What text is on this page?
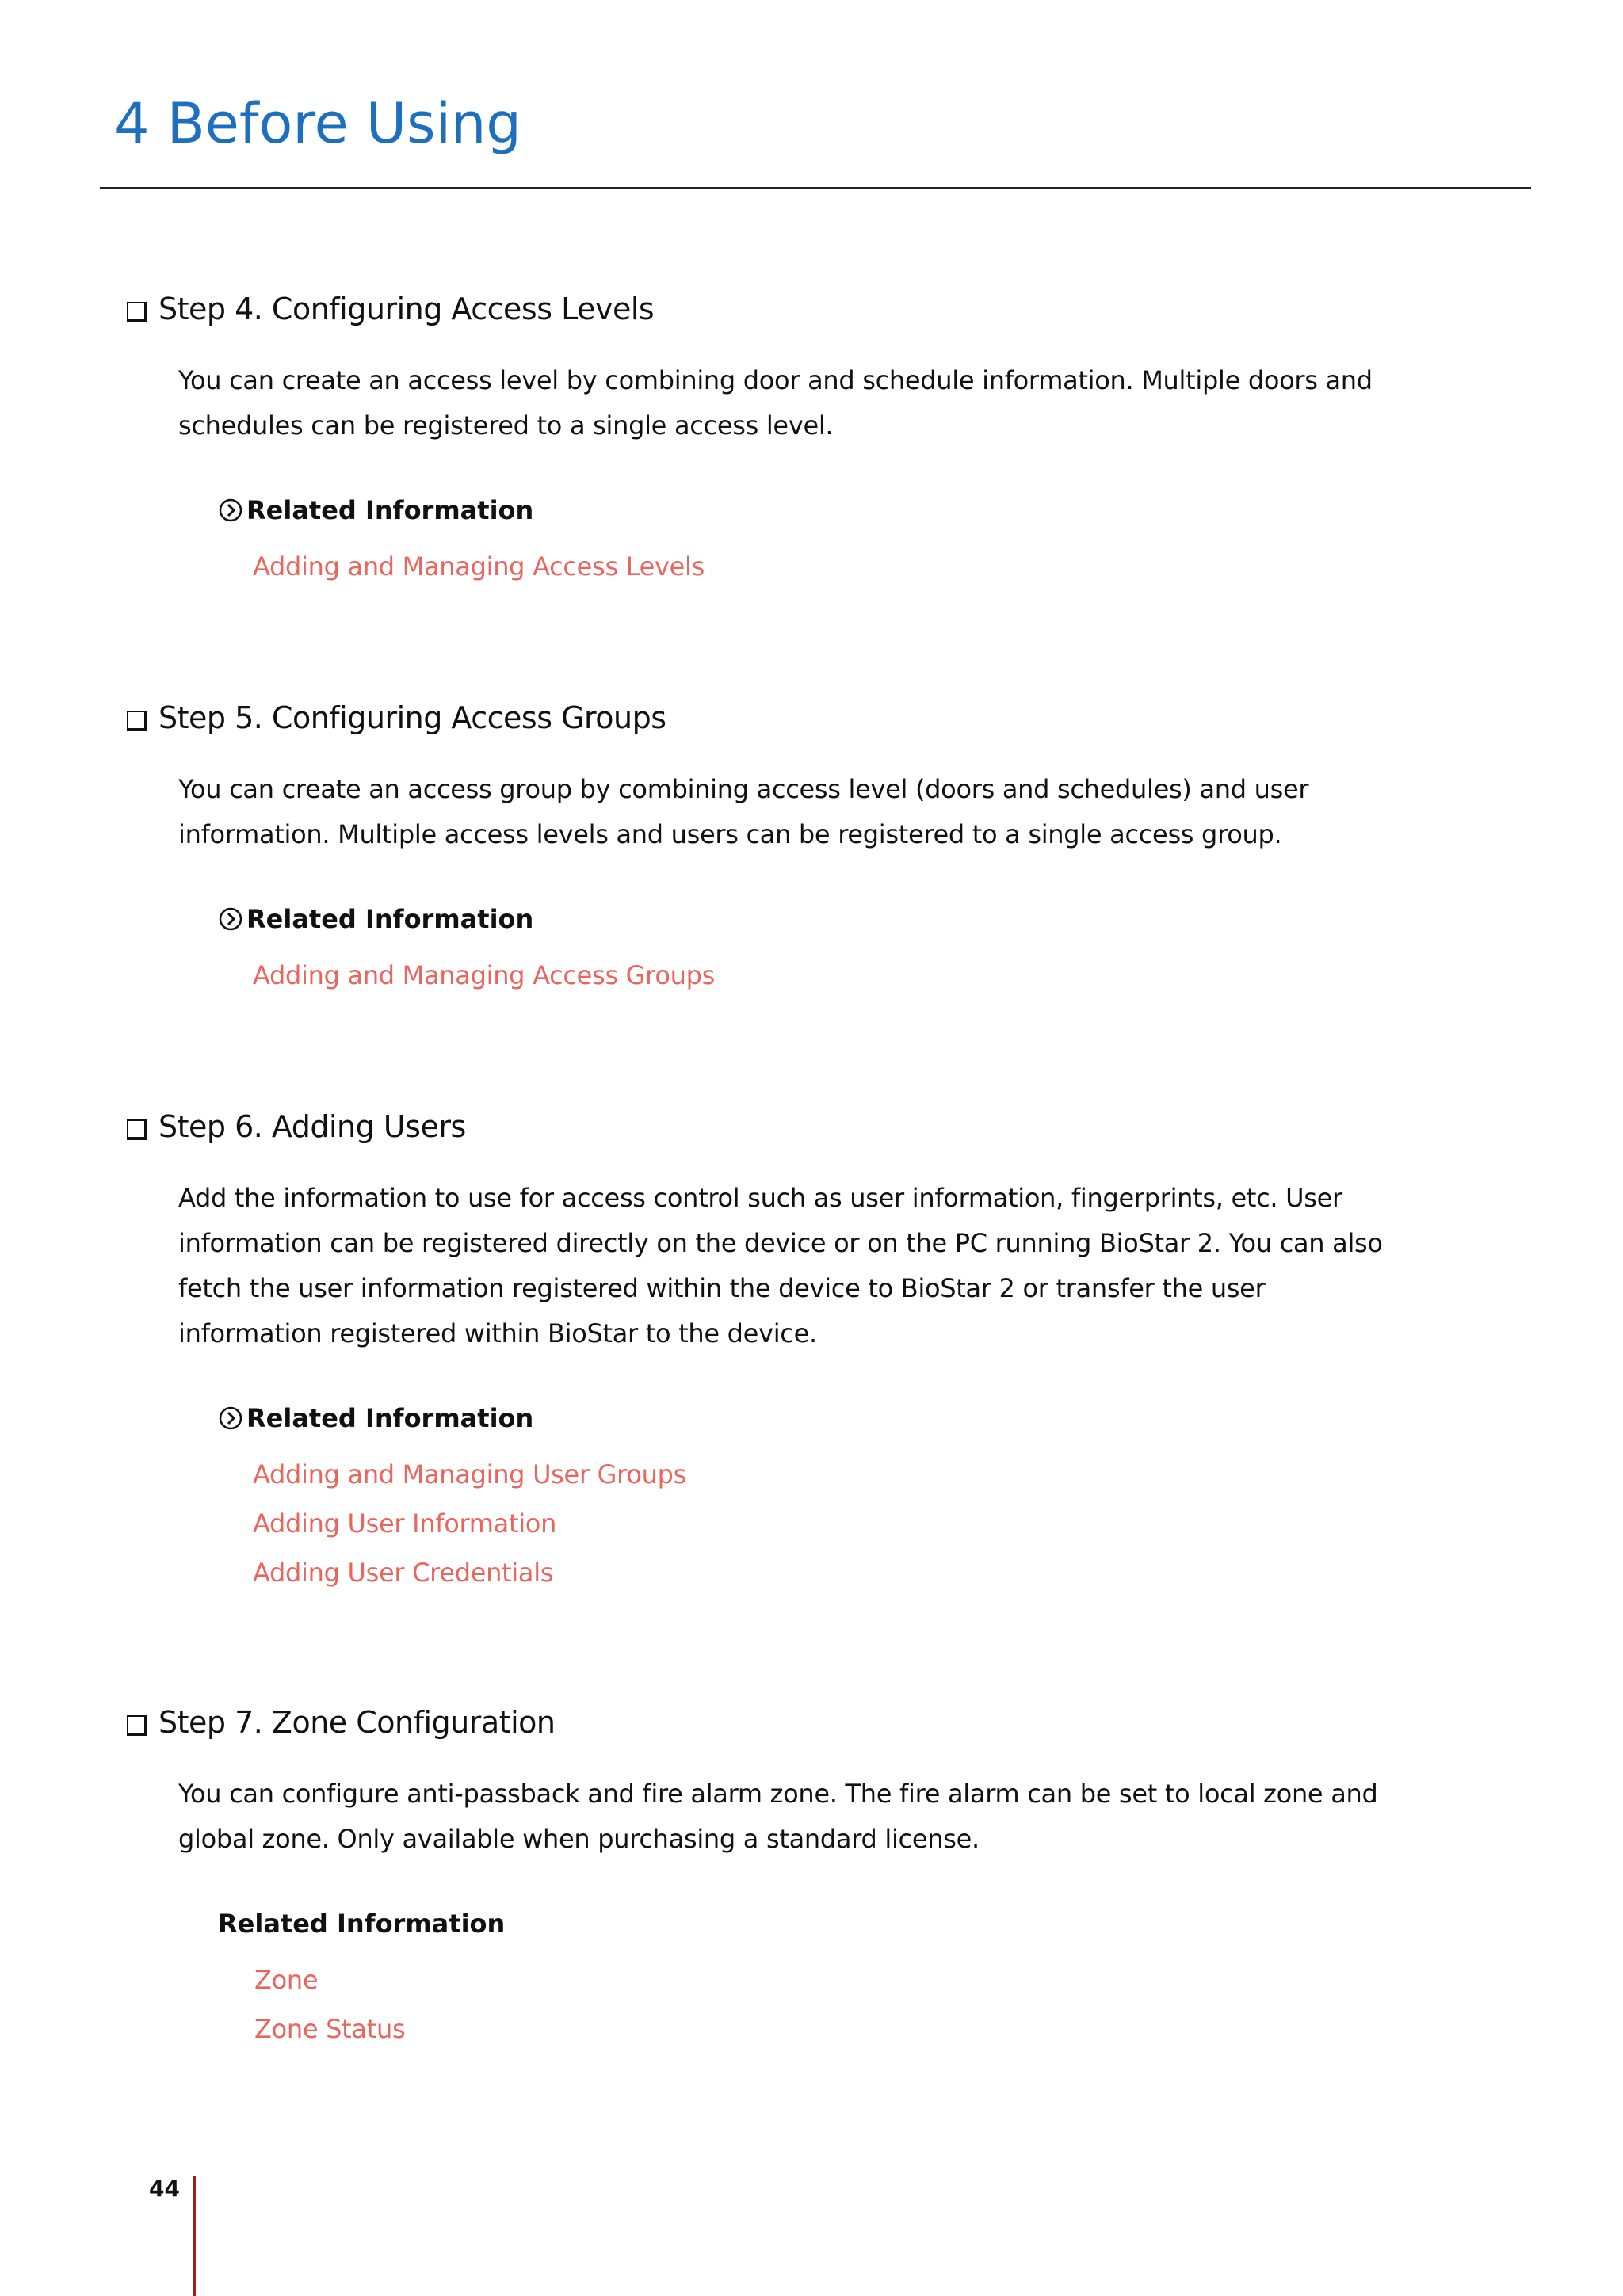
4 Before Using
Step 4. Configuring Access Levels

You can create an access level by combining door and schedule information. Multiple doors and schedules can be registered to a single access level.

Related Information
Adding and Managing Access Levels
Step 5. Configuring Access Groups

You can create an access group by combining access level (doors and schedules) and user information. Multiple access levels and users can be registered to a single access group.

Related Information
Adding and Managing Access Groups
Step 6. Adding Users

Add the information to use for access control such as user information, fingerprints, etc. User information can be registered directly on the device or on the PC running BioStar 2. You can also fetch the user information registered within the device to BioStar 2 or transfer the user information registered within BioStar to the device.

Related Information
Adding and Managing User Groups
Adding User Information
Adding User Credentials
Step 7. Zone Configuration

You can configure anti-passback and fire alarm zone. The fire alarm can be set to local zone and global zone. Only available when purchasing a standard license.

Related Information
Zone
Zone Status
44
